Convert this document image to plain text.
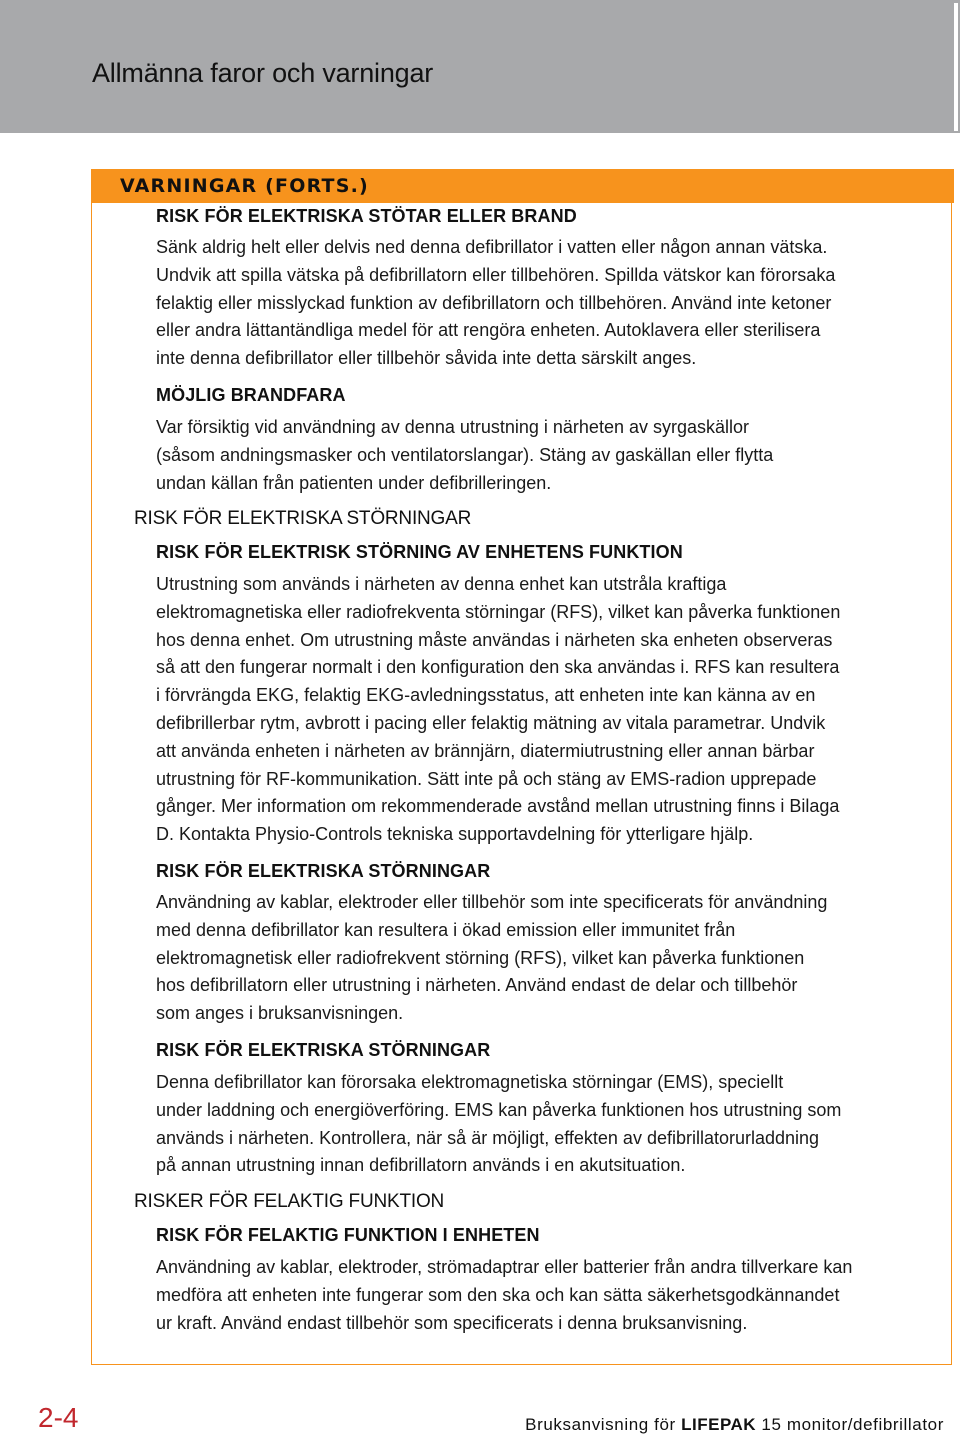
Allmänna faror och varningar

VARNINGAR (FORTS.)

RISK FÖR ELEKTRISKA STÖTAR ELLER BRAND

Sänk aldrig helt eller delvis ned denna defibrillator i vatten eller någon annan vätska.
Undvik att spilla vätska på defibrillatorn eller tillbehören. Spillda vätskor kan förorsaka
felaktig eller misslyckad funktion av defibrillatorn och tillbehören. Använd inte ketoner
eller andra lättantändliga medel för att rengöra enheten. Autoklavera eller sterilisera
inte denna defibrillator eller tillbehör såvida inte detta särskilt anges.

MÖJLIG BRANDFARA

Var försiktig vid användning av denna utrustning i närheten av syrgaskällor
(såsom andningsmasker och ventilatorslangar). Stäng av gaskällan eller flytta
undan källan från patienten under defibrilleringen.

RISK FÖR ELEKTRISKA STÖRNINGAR

RISK FÖR ELEKTRISK STÖRNING AV ENHETENS FUNKTION

Utrustning som används i närheten av denna enhet kan utstråla kraftiga
elektromagnetiska eller radiofrekventa störningar (RFS), vilket kan påverka funktionen
hos denna enhet. Om utrustning måste användas i närheten ska enheten observeras
så att den fungerar normalt i den konfiguration den ska användas i. RFS kan resultera
i förvrängda EKG, felaktig EKG-avledningsstatus, att enheten inte kan känna av en
defibrillerbar rytm, avbrott i pacing eller felaktig mätning av vitala parametrar. Undvik
att använda enheten i närheten av brännjärn, diatermiutrustning eller annan bärbar
utrustning för RF-kommunikation. Sätt inte på och stäng av EMS-radion upprepade
gånger. Mer information om rekommenderade avstånd mellan utrustning finns i Bilaga
D. Kontakta Physio-Controls tekniska supportavdelning för ytterligare hjälp.

RISK FÖR ELEKTRISKA STÖRNINGAR

Användning av kablar, elektroder eller tillbehör som inte specificerats för användning
med denna defibrillator kan resultera i ökad emission eller immunitet från
elektromagnetisk eller radiofrekvent störning (RFS), vilket kan påverka funktionen
hos defibrillatorn eller utrustning i närheten. Använd endast de delar och tillbehör
som anges i bruksanvisningen.

RISK FÖR ELEKTRISKA STÖRNINGAR

Denna defibrillator kan förorsaka elektromagnetiska störningar (EMS), speciellt
under laddning och energiöverföring. EMS kan påverka funktionen hos utrustning som
används i närheten. Kontrollera, när så är möjligt, effekten av defibrillatorurladdning
på annan utrustning innan defibrillatorn används i en akutsituation.

RISKER FÖR FELAKTIG FUNKTION

RISK FÖR FELAKTIG FUNKTION I ENHETEN

Användning av kablar, elektroder, strömadaptrar eller batterier från andra tillverkare kan
medföra att enheten inte fungerar som den ska och kan sätta säkerhetsgodkännandet
ur kraft. Använd endast tillbehör som specificerats i denna bruksanvisning.

2-4	Bruksanvisning för LIFEPAK 15 monitor/defibrillator
